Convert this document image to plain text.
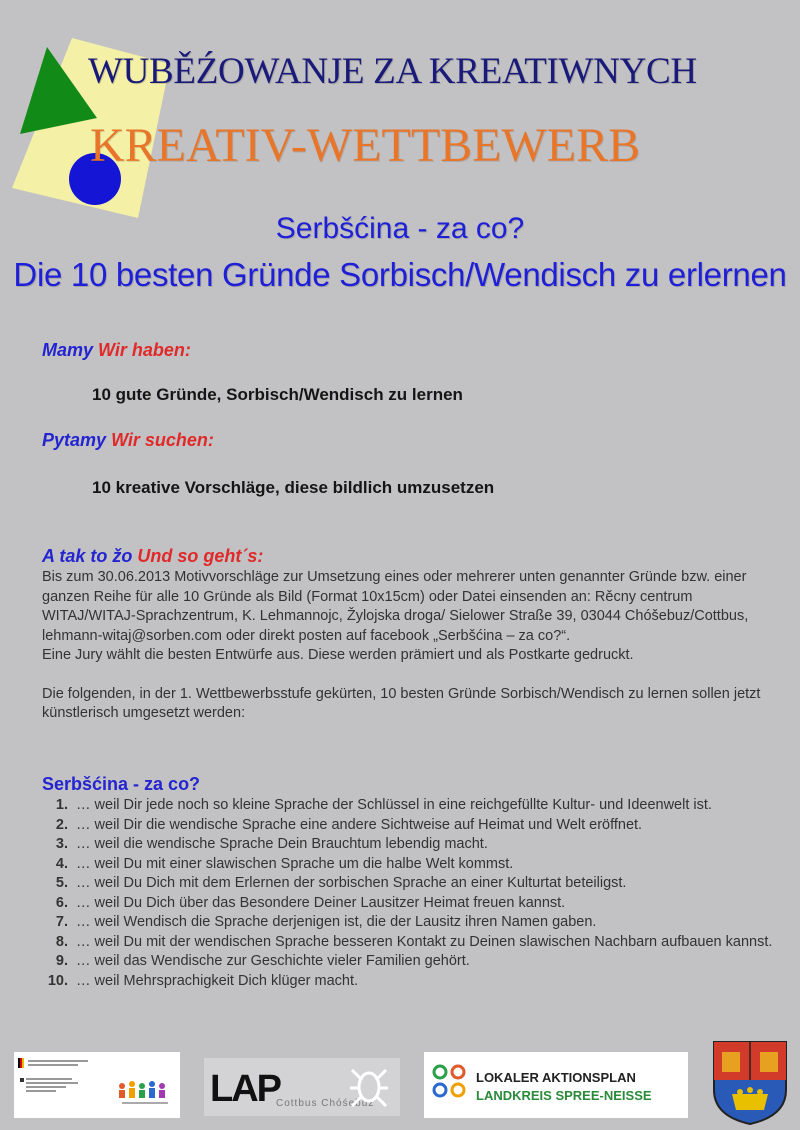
WUBĚŹOWANJE ZA KREATIWNYCH
KREATIV-WETTBEWERB
Serbšćina - za co?
Die 10 besten Gründe Sorbisch/Wendisch zu erlernen
Mamy Wir haben:
10 gute Gründe, Sorbisch/Wendisch zu lernen
Pytamy Wir suchen:
10 kreative Vorschläge, diese bildlich umzusetzen
A tak to žo Und so geht´s:

Bis zum 30.06.2013 Motivvorschläge zur Umsetzung eines oder mehrerer unten genannter Gründe bzw. einer ganzen Reihe für alle 10 Gründe als Bild (Format 10x15cm) oder Datei einsenden an: Rěcny centrum WITAJ/WITAJ-Sprachzentrum, K. Lehmannojc, Žylojska droga/ Sielower Straße 39, 03044 Chóšebuz/Cottbus, lehmann-witaj@sorben.com oder direkt posten auf facebook „Serbšćina – za co?“.

Eine Jury wählt die besten Entwürfe aus. Diese werden prämiert und als Postkarte gedruckt.

Die folgenden, in der 1. Wettbewerbsstufe gekürten, 10 besten Gründe Sorbisch/Wendisch zu lernen sollen jetzt künstlerisch umgesetzt werden:

Serbšćina - za co?
1. … weil Dir jede noch so kleine Sprache der Schlüssel in eine reichgefüllte Kultur- und Ideenwelt ist.
2. … weil Dir die wendische Sprache eine andere Sichtweise auf Heimat und Welt eröffnet.
3. … weil die wendische Sprache Dein Brauchtum lebendig macht.
4. … weil Du mit einer slawischen Sprache um die halbe Welt kommst.
5. … weil Du Dich mit dem Erlernen der sorbischen Sprache an einer Kulturtat beteiligst.
6. … weil Du Dich über das Besondere Deiner Lausitzer Heimat freuen kannst.
7. … weil Wendisch die Sprache derjenigen ist, die der Lausitz ihren Namen gaben.
8. … weil Du mit der wendischen Sprache besseren Kontakt zu Deinen slawischen Nachbarn aufbauen kannst.
9. … weil das Wendische zur Geschichte vieler Familien gehört.
10. … weil Mehrsprachigkeit Dich klüger macht.
LAP
Cottbus Chóśebuz
LOKALER AKTIONSPLAN
LANDKREIS SPREE-NEISSE
